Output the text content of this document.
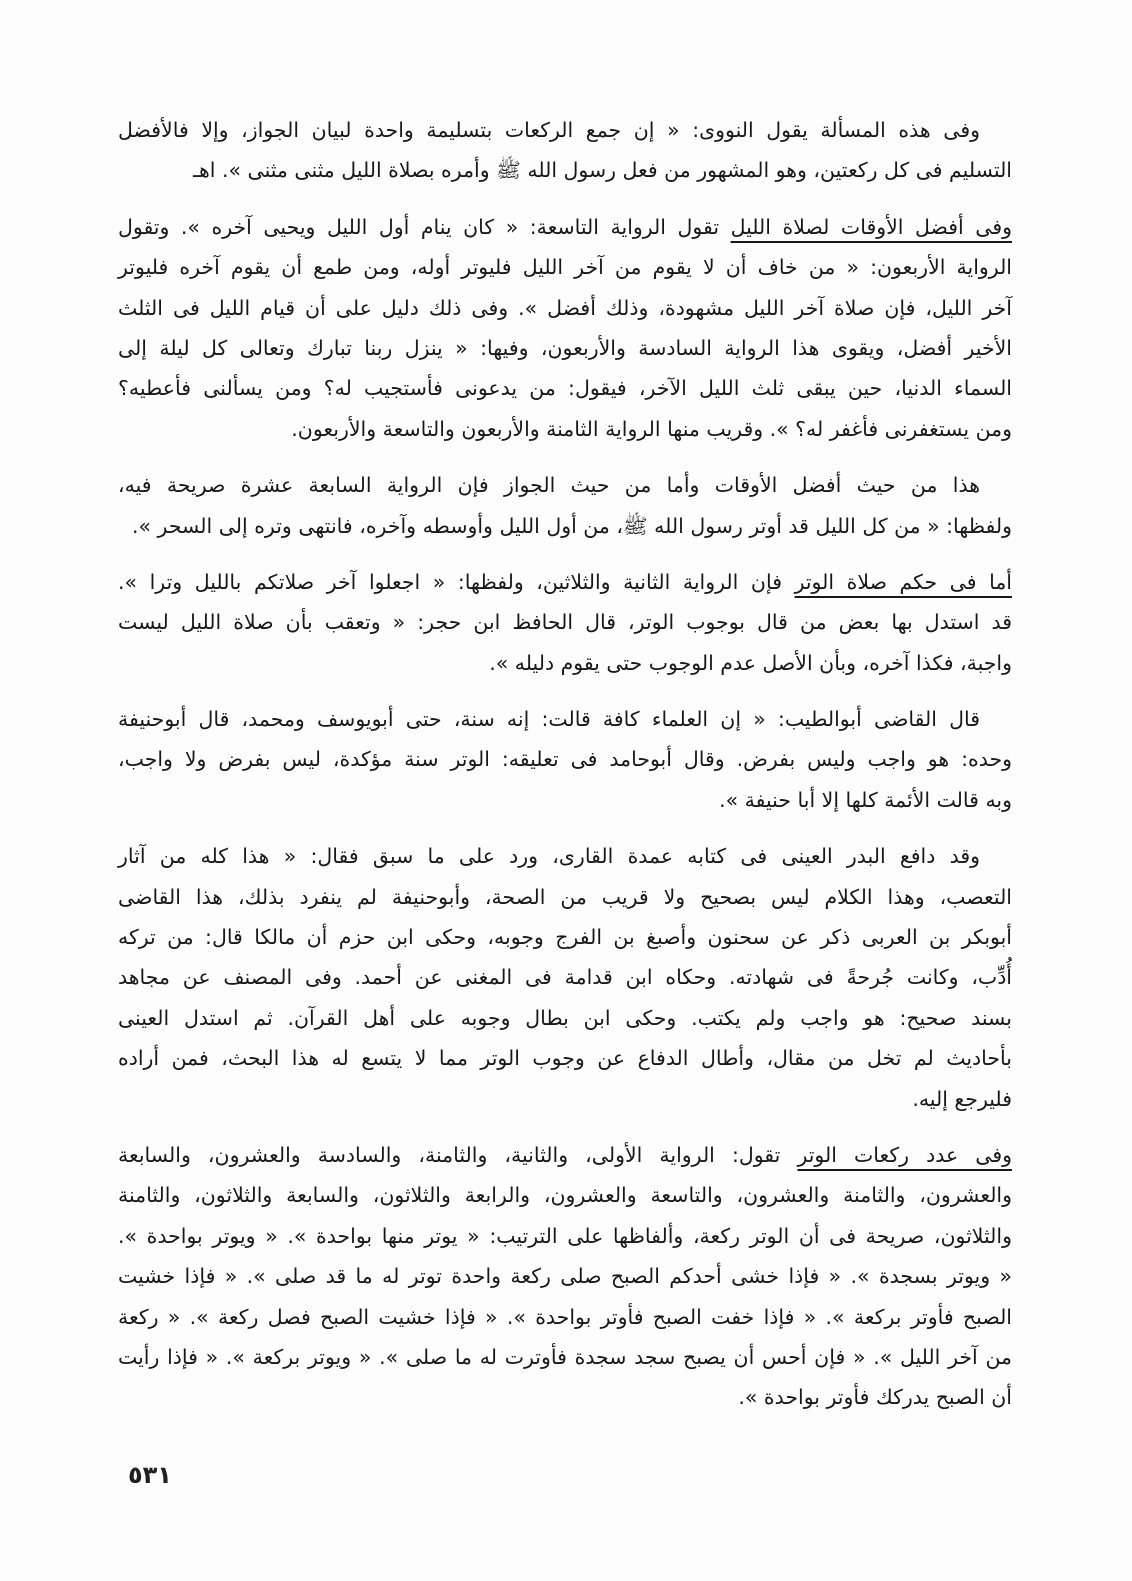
وفى هذه المسألة يقول النووى: « إن جمع الركعات بتسليمة واحدة لبيان الجواز، وإلا فالأفضل
التسليم فى كل ركعتين، وهو المشهور من فعل رسول الله ﷺ وأمره بصلاة الليل مثنى مثنى ». اهـ
وفى أفضل الأوقات لصلاة الليل تقول الرواية التاسعة: « كان ينام أول الليل ويحيى آخره ». وتقول
الرواية الأربعون: « من خاف أن لا يقوم من آخر الليل فليوتر أوله، ومن طمع أن يقوم آخره فليوتر
آخر الليل، فإن صلاة آخر الليل مشهودة، وذلك أفضل ». وفى ذلك دليل على أن قيام الليل فى الثلث
الأخير أفضل، ويقوى هذا الرواية السادسة والأربعون، وفيها: « ينزل ربنا تبارك وتعالى كل ليلة إلى
السماء الدنيا، حين يبقى ثلث الليل الآخر، فيقول: من يدعونى فأستجيب له؟ ومن يسألنى فأعطيه؟
ومن يستغفرنى فأغفر له؟ ». وقريب منها الرواية الثامنة والأربعون والتاسعة والأربعون.
هذا من حيث أفضل الأوقات وأما من حيث الجواز فإن الرواية السابعة عشرة صريحة فيه،
ولفظها: « من كل الليل قد أوتر رسول الله ﷺ، من أول الليل وأوسطه وآخره، فانتهى وتره إلى السحر ».
أما فى حكم صلاة الوتر فإن الرواية الثانية والثلاثين، ولفظها: « اجعلوا آخر صلاتكم بالليل وترا ».
قد استدل بها بعض من قال بوجوب الوتر، قال الحافظ ابن حجر: « وتعقب بأن صلاة الليل ليست
واجبة، فكذا آخره، وبأن الأصل عدم الوجوب حتى يقوم دليله ».
قال القاضى أبوالطيب: « إن العلماء كافة قالت: إنه سنة، حتى أبويوسف ومحمد، قال أبوحنيفة
وحده: هو واجب وليس بفرض. وقال أبوحامد فى تعليقه: الوتر سنة مؤكدة، ليس بفرض ولا واجب،
وبه قالت الأئمة كلها إلا أبا حنيفة ».
وقد دافع البدر العينى فى كتابه عمدة القارى، ورد على ما سبق فقال: « هذا كله من آثار
التعصب، وهذا الكلام ليس بصحيح ولا قريب من الصحة، وأبوحنيفة لم ينفرد بذلك، هذا القاضى
أبوبكر بن العربى ذكر عن سحنون وأصبغ بن الفرج وجوبه، وحكى ابن حزم أن مالكا قال: من تركه
أُدِّب، وكانت جُرحةً فى شهادته. وحكاه ابن قدامة فى المغنى عن أحمد. وفى المصنف عن مجاهد
بسند صحيح: هو واجب ولم يكتب. وحكى ابن بطال وجوبه على أهل القرآن. ثم استدل العينى
بأحاديث لم تخل من مقال، وأطال الدفاع عن وجوب الوتر مما لا يتسع له هذا البحث، فمن أراده
فليرجع إليه.
وفى عدد ركعات الوتر تقول: الرواية الأولى، والثانية، والثامنة، والسادسة والعشرون، والسابعة
والعشرون، والثامنة والعشرون، والتاسعة والعشرون، والرابعة والثلاثون، والسابعة والثلاثون، والثامنة
والثلاثون، صريحة فى أن الوتر ركعة، وألفاظها على الترتيب: « يوتر منها بواحدة ». « ويوتر بواحدة ».
« ويوتر بسجدة ». « فإذا خشى أحدكم الصبح صلى ركعة واحدة توتر له ما قد صلى ». « فإذا خشيت
الصبح فأوتر بركعة ». « فإذا خفت الصبح فأوتر بواحدة ». « فإذا خشيت الصبح فصل ركعة ». « ركعة
من آخر الليل ». « فإن أحس أن يصبح سجد سجدة فأوترت له ما صلى ». « ويوتر بركعة ». « فإذا رأيت
أن الصبح يدركك فأوتر بواحدة ».
٥٣١
